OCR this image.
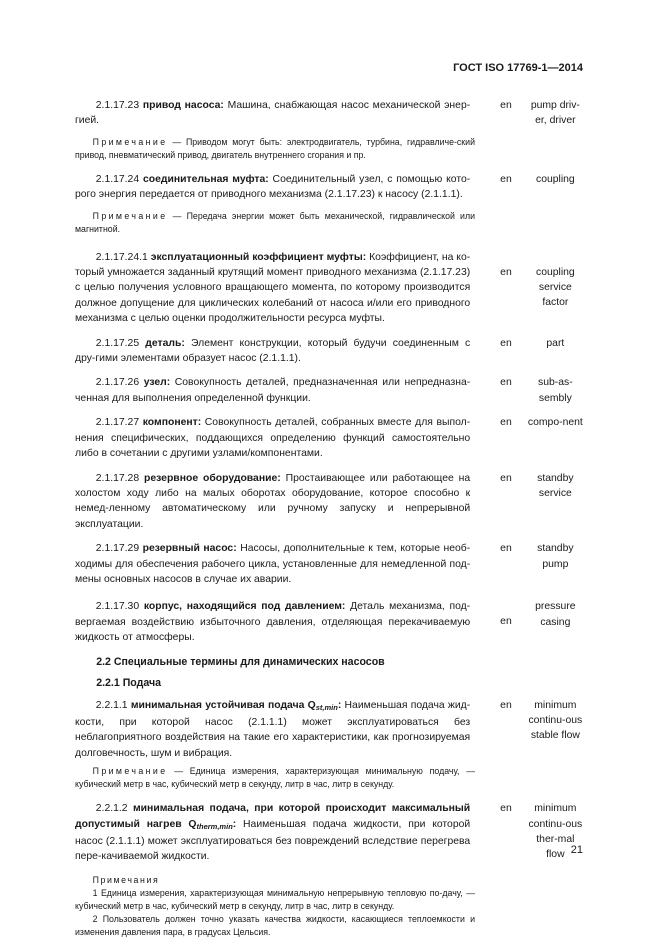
ГОСТ ISO 17769-1—2014
  2.1.17.23 привод насоса: Машина, снабжающая насос механической энер-гией.
en	pump driv-er, driver
  Примечание — Приводом могут быть: электродвигатель, турбина, гидравличе-ский привод, пневматический привод, двигатель внутреннего сгорания и пр.
  2.1.17.24 соединительная муфта: Соединительный узел, с помощью кото-рого энергия передается от приводного механизма (2.1.17.23) к насосу (2.1.1.1).
en	coupling
  Примечание — Передача энергии может быть механической, гидравлической или магнитной.
  2.1.17.24.1 эксплуатационный коэффициент муфты: Коэффициент, на ко-торый умножается заданный крутящий момент приводного механизма (2.1.17.23) с целью получения условного вращающего момента, по которому производится должное допущение для циклических колебаний от насоса и/или его приводного механизма с целью оценки продолжительности ресурса муфты.
en	coupling service factor
  2.1.17.25 деталь: Элемент конструкции, который будучи соединенным с дру-гими элементами образует насос (2.1.1.1).
en	part
  2.1.17.26 узел: Совокупность деталей, предназначенная или непредназна-ченная для выполнения определенной функции.
en	sub-as-sembly
  2.1.17.27 компонент: Совокупность деталей, собранных вместе для выпол-нения специфических, поддающихся определению функций самостоятельно либо в сочетании с другими узлами/компонентами.
en	compo-nent
  2.1.17.28 резервное оборудование: Простаивающее или работающее на холостом ходу либо на малых оборотах оборудование, которое способно к немед-ленному автоматическому или ручному запуску и непрерывной эксплуатации.
en	standby service
  2.1.17.29 резервный насос: Насосы, дополнительные к тем, которые необ-ходимы для обеспечения рабочего цикла, установленные для немедленной под-мены основных насосов в случае их аварии.
en	standby pump
  2.1.17.30 корпус, находящийся под давлением: Деталь механизма, под-вергаемая воздействию избыточного давления, отделяющая перекачиваемую жидкость от атмосферы.
en
pressure casing
  2.2 Специальные термины для динамических насосов
  2.2.1 Подача
  2.2.1.1 минимальная устойчивая подача $Q_{st,min}$: Наименьшая подача жид-кости, при которой насос (2.1.1.1) может эксплуатироваться без неблагоприятного воздействия на такие его характеристики, как прогнозируемая долговечность, шум и вибрация.
en	minimum continu-ous stable flow
  Примечание — Единица измерения, характеризующая минимальную подачу, — кубический метр в час, кубический метр в секунду, литр в час, литр в секунду.
  2.2.1.2 минимальная подача, при которой происходит максимальный допустимый нагрев $Q_{therm,min}$: Наименьшая подача жидкости, при которой насос (2.1.1.1) может эксплуатироваться без повреждений вследствие перегрева пере-качиваемой жидкости.
en	minimum continu-ous ther-mal flow

  Примечания

  1 Единица измерения, характеризующая минимальную непрерывную тепловую по-дачу, — кубический метр в час, кубический метр в секунду, литр в час, литр в секунду.

  2 Пользователь должен точно указать качества жидкости, касающиеся теплоемкости и изменения давления пара, в градусах Цельсия.

21
